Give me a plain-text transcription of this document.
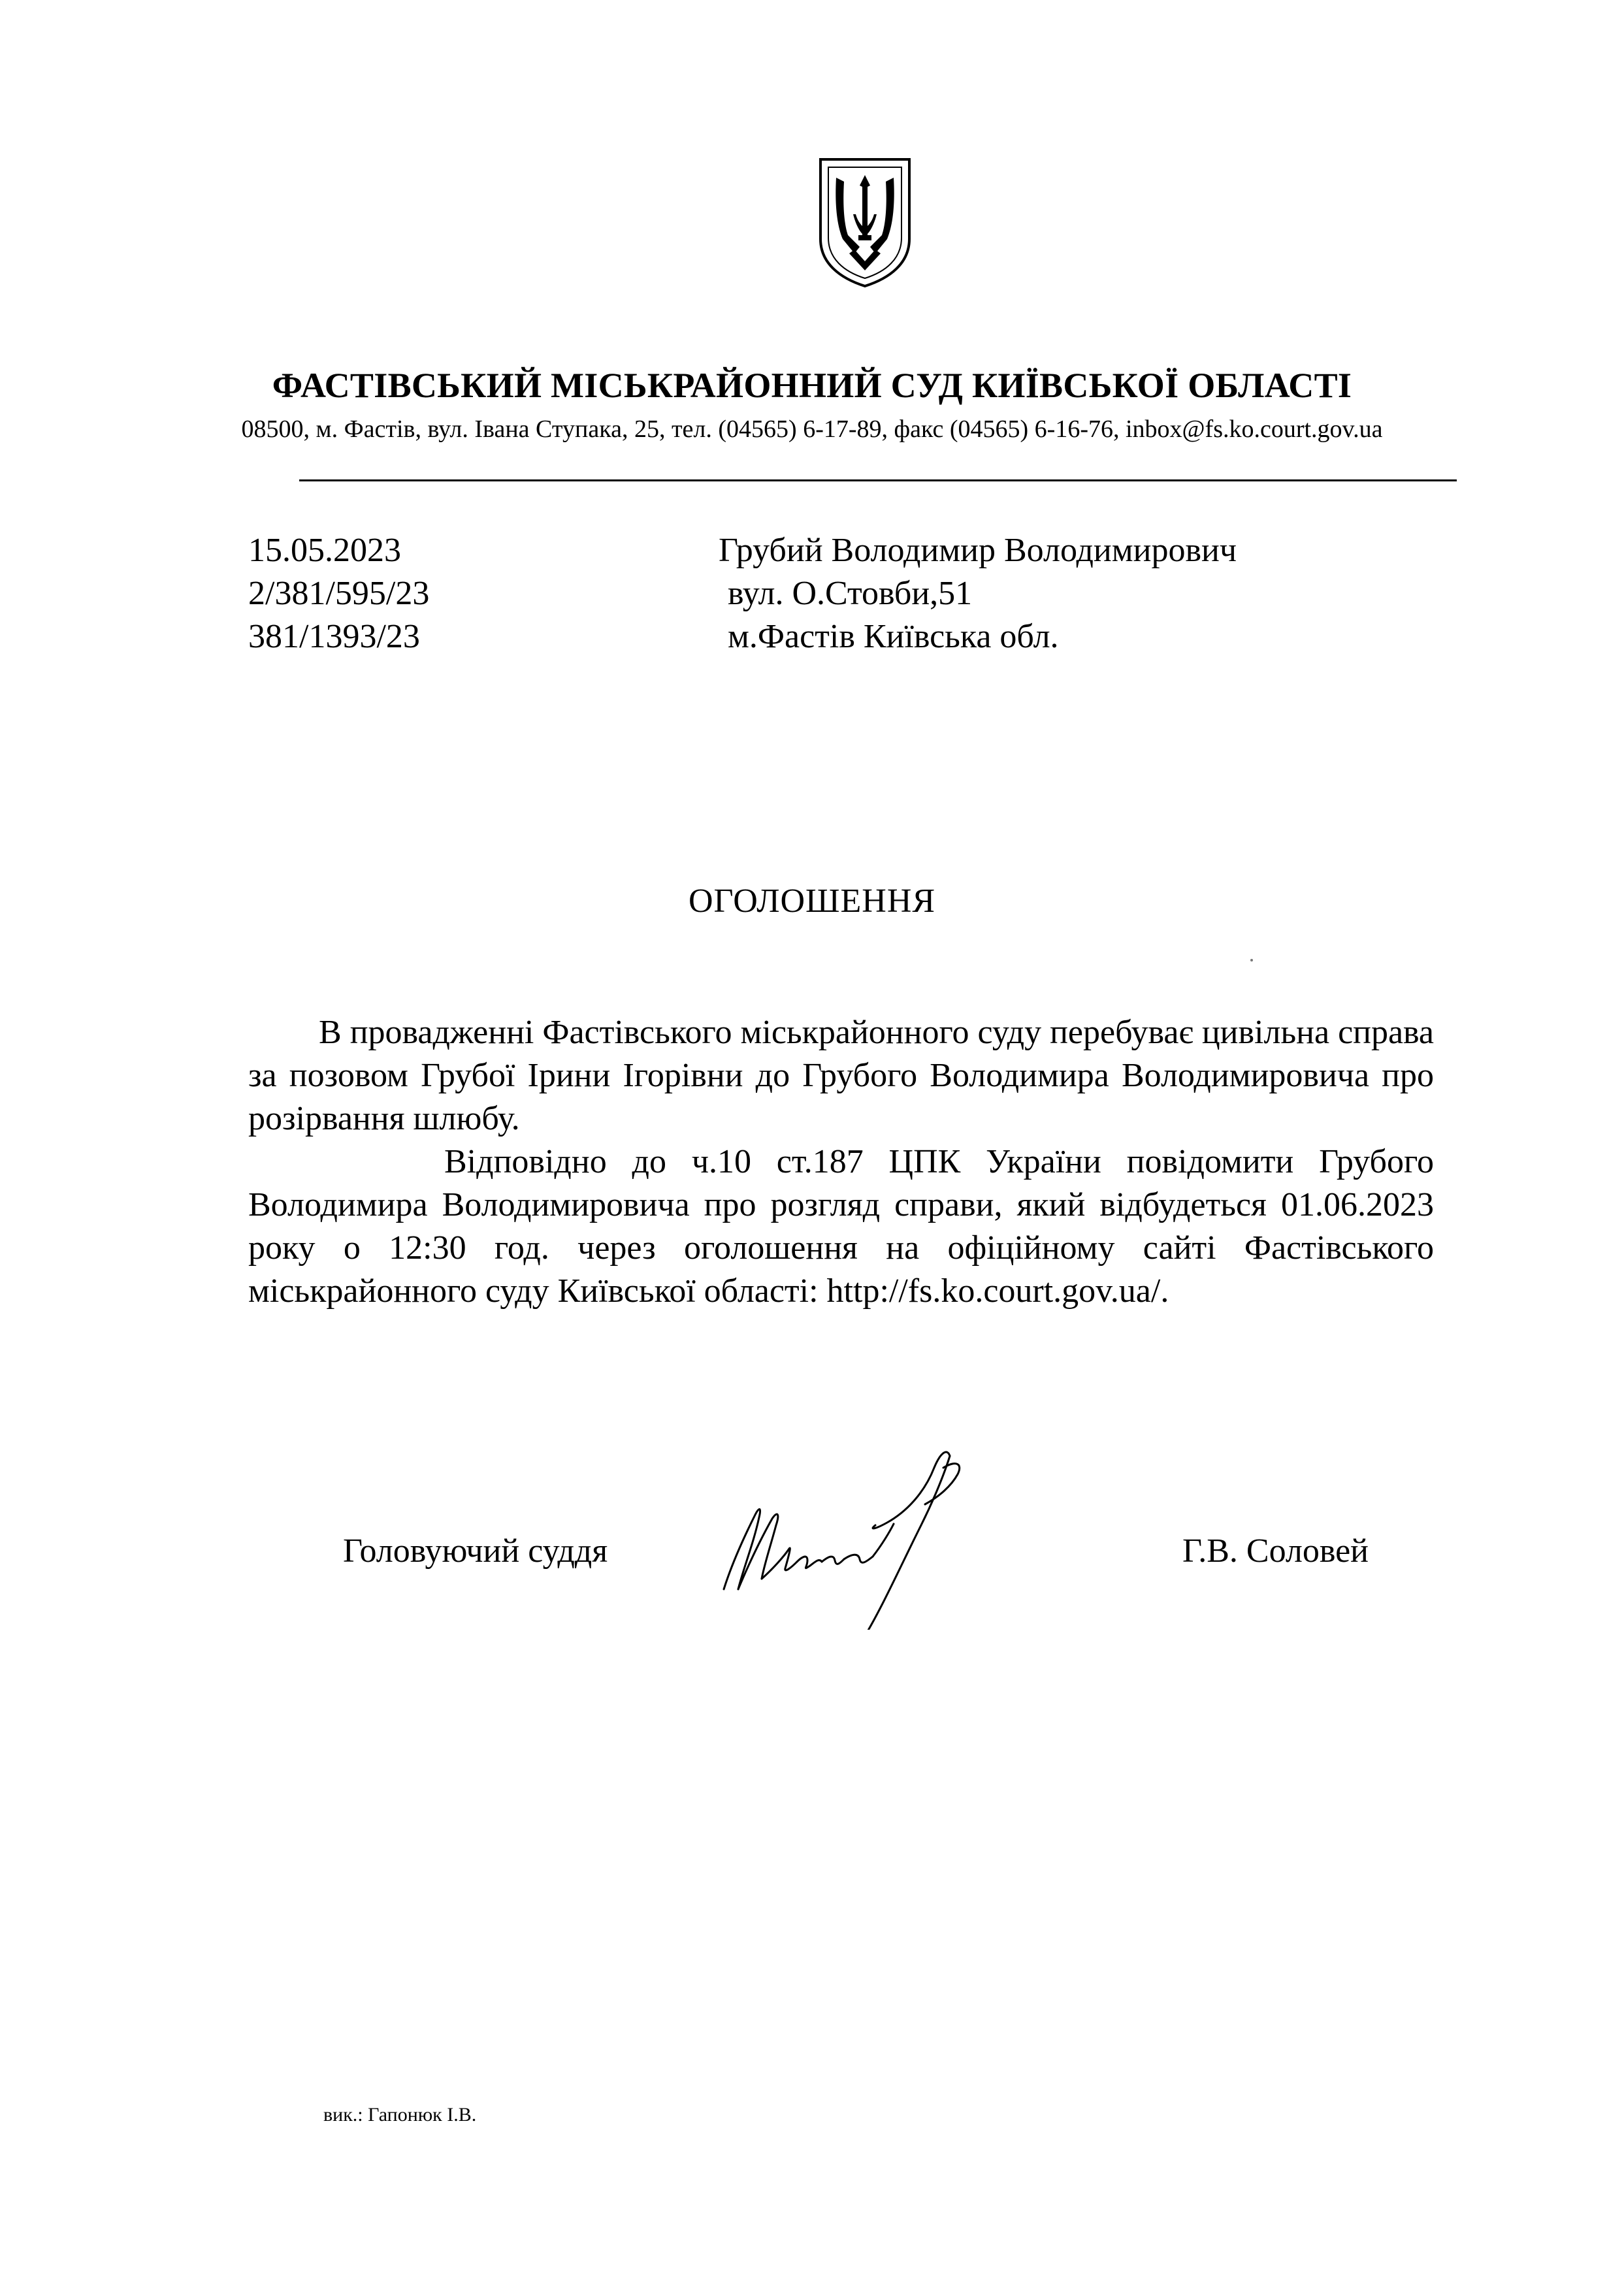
ФАСТІВСЬКИЙ МІСЬКРАЙОННИЙ СУД КИЇВСЬКОЇ ОБЛАСТІ
08500, м. Фастів, вул. Івана Ступака, 25, тел. (04565) 6-17-89, факс (04565) 6-16-76, inbox@fs.ko.court.gov.ua
15.05.2023
2/381/595/23
381/1393/23
Грубий Володимир Володимирович
вул. О.Стовби,51
м.Фастів Київська обл.
ОГОЛОШЕННЯ

В провадженні Фастівського міськрайонного суду перебуває цивільна справа за позовом Грубої Ірини Ігорівни до Грубого Володимира Володимировича про розірвання шлюбу.

Відповідно до ч.10 ст.187 ЦПК України повідомити Грубого Володимира Володимировича про розгляд справи, який відбудеться 01.06.2023 року о 12:30 год. через оголошення на офіційному сайті Фастівського міськрайонного суду Київської області: http://fs.ko.court.gov.ua/.

Головуючий суддя	Г.В. Соловей
вик.: Гапонюк І.В.
